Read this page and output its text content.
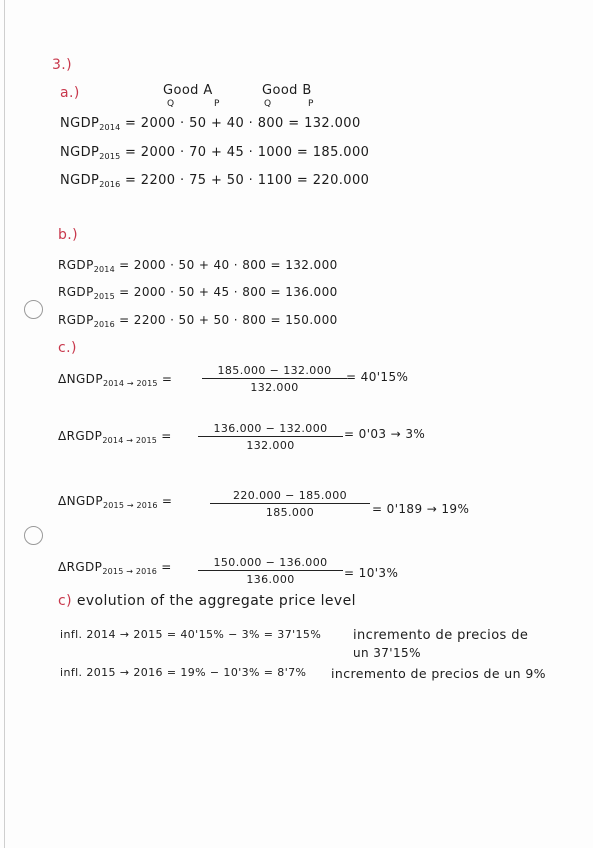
3.)
a.)	Good A	Good B
Q	P	Q	P
$NGDP_{2014} = 2000 \cdot 50 + 40 \cdot 800 = 132.000$
$NGDP_{2015} = 2000 \cdot 70 + 45 \cdot 1000 = 185.000$
$NGDP_{2016} = 2200 \cdot 75 + 50 \cdot 1100 = 220.000$
b.)
$RGDP_{2014} = 2000 \cdot 50 + 40 \cdot 800 = 132.000$
$RGDP_{2015} = 2000 \cdot 50 + 45 \cdot 800 = 136.000$
$RGDP_{2016} = 2200 \cdot 50 + 50 \cdot 800 = 150.000$
c.)
$\Delta NGDP_{2014 \to 2015}$ =
185.000 − 132.000
132.000
= 40'15%
$\Delta RGDP_{2014 \to 2015}$ =
136.000 − 132.000
132.000
= 0'03 → 3%
$\Delta NGDP_{2015 \to 2016}$ =	220.000 − 185.000
185.000	= 0'189 → 19%
$\Delta RGDP_{2015 \to 2016}$ =	150.000 − 136.000
136.000	= 10'3%
c) evolution of the aggregate price level
infl. 2014 → 2015 = 40'15% − 3% = 37'15% incremento de precios de
un 37'15%
infl. 2015 → 2016 = 19% − 10'3% = 8'7% incremento de precios de un 9%
